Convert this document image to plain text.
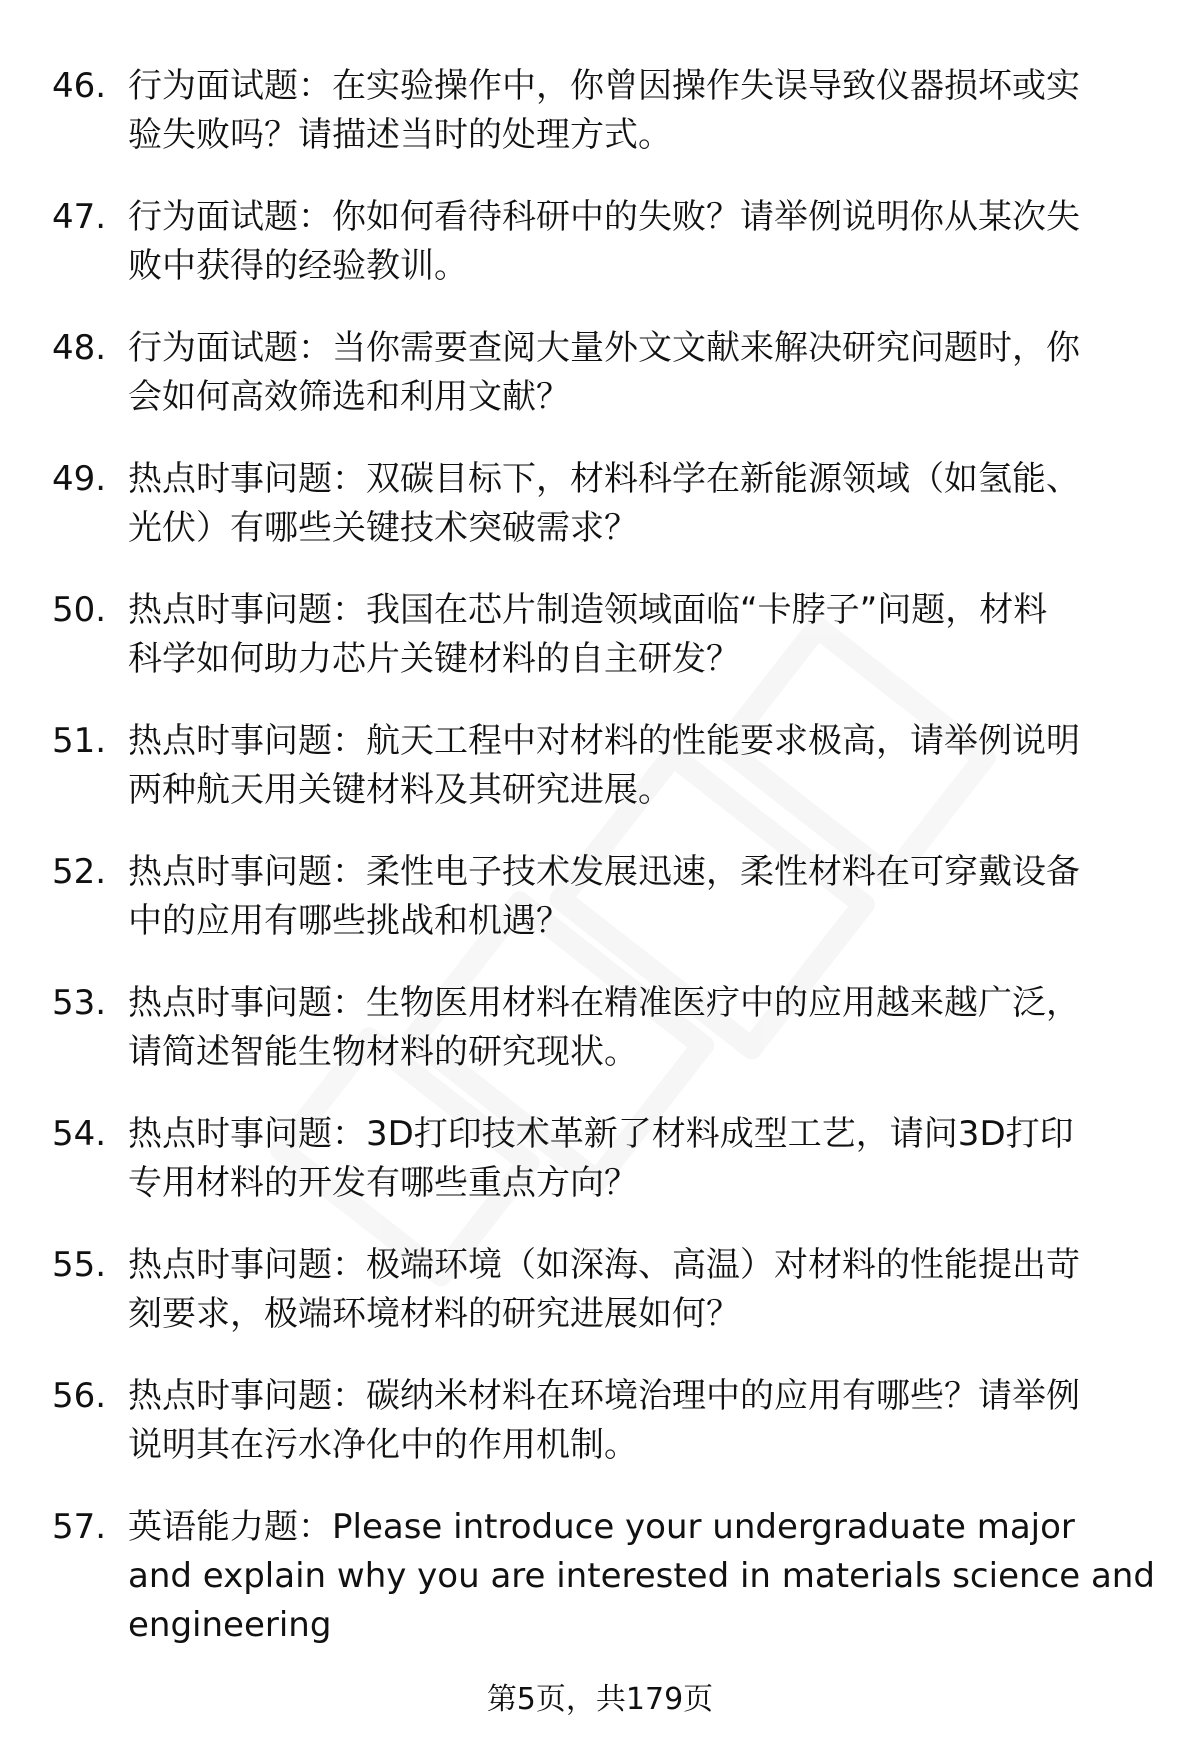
46. 行为面试题：在实验操作中，你曾因操作失误导致仪器损坏或实
验失败吗？请描述当时的处理方式。
47. 行为面试题：你如何看待科研中的失败？请举例说明你从某次失
败中获得的经验教训。
48. 行为面试题：当你需要查阅大量外文文献来解决研究问题时，你
会如何高效筛选和利用文献？
49. 热点时事问题：双碳目标下，材料科学在新能源领域（如氢能、
光伏）有哪些关键技术突破需求？
50. 热点时事问题：我国在芯片制造领域面临“卡脖子”问题，材料
科学如何助力芯片关键材料的自主研发？
51. 热点时事问题：航天工程中对材料的性能要求极高，请举例说明
两种航天用关键材料及其研究进展。
52. 热点时事问题：柔性电子技术发展迅速，柔性材料在可穿戴设备
中的应用有哪些挑战和机遇？
53. 热点时事问题：生物医用材料在精准医疗中的应用越来越广泛，
请简述智能生物材料的研究现状。
54. 热点时事问题：3D打印技术革新了材料成型工艺，请问3D打印
专用材料的开发有哪些重点方向？
55. 热点时事问题：极端环境（如深海、高温）对材料的性能提出苛
刻要求，极端环境材料的研究进展如何？
56. 热点时事问题：碳纳米材料在环境治理中的应用有哪些？请举例
说明其在污水净化中的作用机制。
57. 英语能力题：Please introduce your undergraduate major
and explain why you are interested in materials science and
engineering
第5页，共179页
